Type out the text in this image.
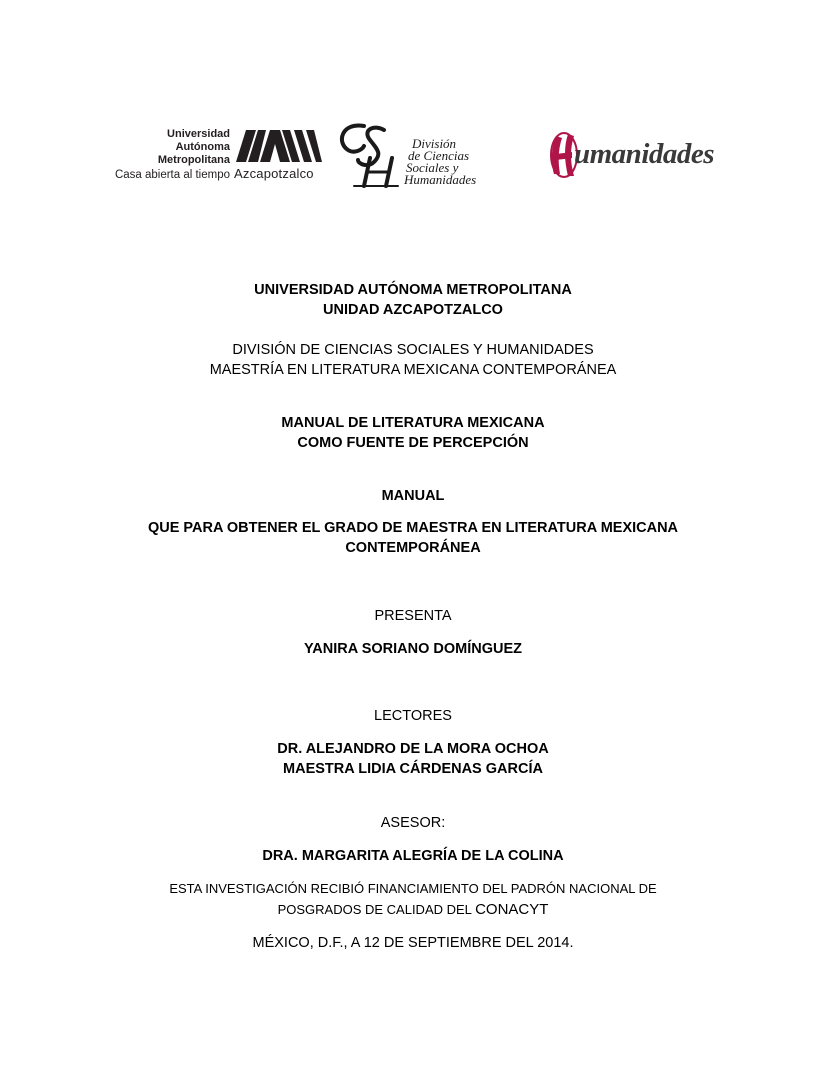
Universidad
Autónoma
Metropolitana
Casa abierta al tiempo Azcapotzalco
División
de Ciencias
Sociales y
Humanidades
umanidades
UNIVERSIDAD AUTÓNOMA METROPOLITANA
UNIDAD AZCAPOTZALCO
DIVISIÓN DE CIENCIAS SOCIALES Y HUMANIDADES
MAESTRÍA EN LITERATURA MEXICANA CONTEMPORÁNEA
MANUAL DE LITERATURA MEXICANA
COMO FUENTE DE PERCEPCIÓN
MANUAL
QUE PARA OBTENER EL GRADO DE MAESTRA EN LITERATURA MEXICANA
CONTEMPORÁNEA
PRESENTA
YANIRA SORIANO DOMÍNGUEZ
LECTORES
DR. ALEJANDRO DE LA MORA OCHOA
MAESTRA LIDIA CÁRDENAS GARCÍA
ASESOR:
DRA. MARGARITA ALEGRÍA DE LA COLINA
ESTA INVESTIGACIÓN RECIBIÓ FINANCIAMIENTO DEL PADRÓN NACIONAL DE
POSGRADOS DE CALIDAD DEL CONACYT
MÉXICO, D.F., A 12 DE SEPTIEMBRE DEL 2014.
